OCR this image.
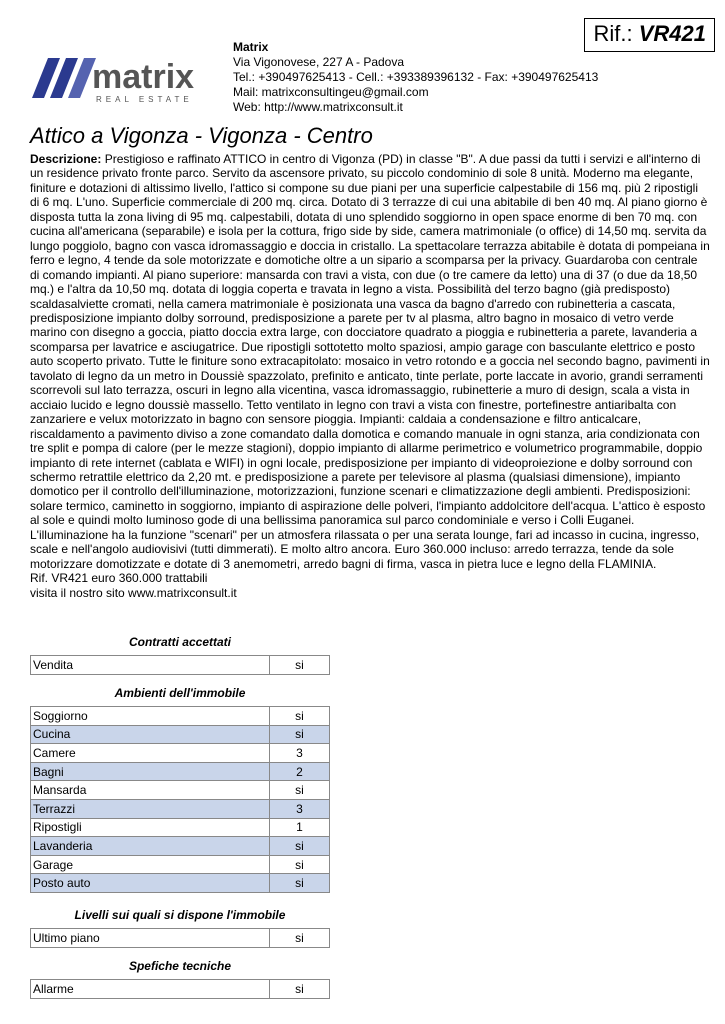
matrix
REAL ESTATE
Matrix
Via Vigonovese, 227 A - Padova
Tel.: +390497625413 - Cell.: +393389396132 - Fax: +390497625413
Mail: matrixconsultingeu@gmail.com
Web: http://www.matrixconsult.it
Rif.: VR421
Attico a Vigonza - Vigonza - Centro
Descrizione: Prestigioso e raffinato ATTICO in centro di Vigonza (PD) in classe "B". A due passi da tutti i servizi e all'interno di un residence privato fronte parco. Servito da ascensore privato, su piccolo condominio di sole 8 unità. Moderno ma elegante, finiture e dotazioni di altissimo livello, l'attico si compone su due piani per una superficie calpestabile di 156 mq. più 2 ripostigli di 6 mq. L'uno. Superficie commerciale di 200 mq. circa. Dotato di 3 terrazze di cui una abitabile di ben 40 mq. Al piano giorno è disposta tutta la zona living di 95 mq. calpestabili, dotata di uno splendido soggiorno in open space enorme di ben 70 mq. con cucina all'americana (separabile) e isola per la cottura, frigo side by side, camera matrimoniale (o office) di 14,50 mq. servita da lungo poggiolo, bagno con vasca idromassaggio e doccia in cristallo. La spettacolare terrazza abitabile è dotata di pompeiana in ferro e legno, 4 tende da sole motorizzate e domotiche oltre a un sipario a scomparsa per la privacy. Guardaroba con centrale di comando impianti. Al piano superiore: mansarda con travi a vista, con due (o tre camere da letto) una di 37 (o due da 18,50 mq.) e l'altra da 10,50 mq. dotata di loggia coperta e travata in legno a vista. Possibilità del terzo bagno (già predisposto) scaldasalviette cromati, nella camera matrimoniale è posizionata una vasca da bagno d'arredo con rubinetteria a cascata, predisposizione impianto dolby sorround, predisposizione a parete per tv al plasma, altro bagno in mosaico di vetro verde marino con disegno a goccia, piatto doccia extra large, con docciatore quadrato a pioggia e rubinetteria a parete, lavanderia a scomparsa per lavatrice e asciugatrice. Due ripostigli sottotetto molto spaziosi, ampio garage con basculante elettrico e posto auto scoperto privato. Tutte le finiture sono extracapitolato: mosaico in vetro rotondo e a goccia nel secondo bagno, pavimenti in tavolato di legno da un metro in Doussiè spazzolato, prefinito e anticato, tinte perlate, porte laccate in avorio, grandi serramenti scorrevoli sul lato terrazza, oscuri in legno alla vicentina, vasca idromassaggio, rubinetterie a muro di design, scala a vista in acciaio lucido e legno doussiè massello. Tetto ventilato in legno con travi a vista con finestre, portefinestre antiaribalta con zanzariere e velux motorizzato in bagno con sensore pioggia. Impianti: caldaia a condensazione e filtro anticalcare, riscaldamento a pavimento diviso a zone comandato dalla domotica e comando manuale in ogni stanza, aria condizionata con tre split e pompa di calore (per le mezze stagioni), doppio impianto di allarme perimetrico e volumetrico programmabile, doppio impianto di rete internet (cablata e WIFI) in ogni locale, predisposizione per impianto di videoproiezione e dolby sorround con schermo retrattile elettrico da 2,20 mt. e predisposizione a parete per televisore al plasma (qualsiasi dimensione), impianto domotico per il controllo dell'illuminazione, motorizzazioni, funzione scenari e climatizzazione degli ambienti. Predisposizioni: solare termico, caminetto in soggiorno, impianto di aspirazione delle polveri, l'impianto addolcitore dell'acqua. L'attico è esposto al sole e quindi molto luminoso gode di una bellissima panoramica sul parco condominiale e verso i Colli Euganei. L'illuminazione ha la funzione "scenari" per un atmosfera rilassata o per una serata lounge, fari ad incasso in cucina, ingresso, scale e nell'angolo audiovisivi (tutti dimmerati). E molto altro ancora. Euro 360.000 incluso: arredo terrazza, tende da sole motorizzare domotizzate e dotate di 3 anemometri, arredo bagni di firma, vasca in pietra luce e legno della FLAMINIA.
Rif. VR421 euro 360.000 trattabili
visita il nostro sito www.matrixconsult.it
Contratti accettati
Vendita	si
Ambienti dell'immobile
Soggiorno	si
Cucina	si
Camere	3
Bagni	2
Mansarda	si
Terrazzi	3
Ripostigli	1
Lavanderia	si
Garage	si
Posto auto	si
Livelli sui quali si dispone l'immobile
Ultimo piano	si
Spefiche tecniche
Allarme	si
